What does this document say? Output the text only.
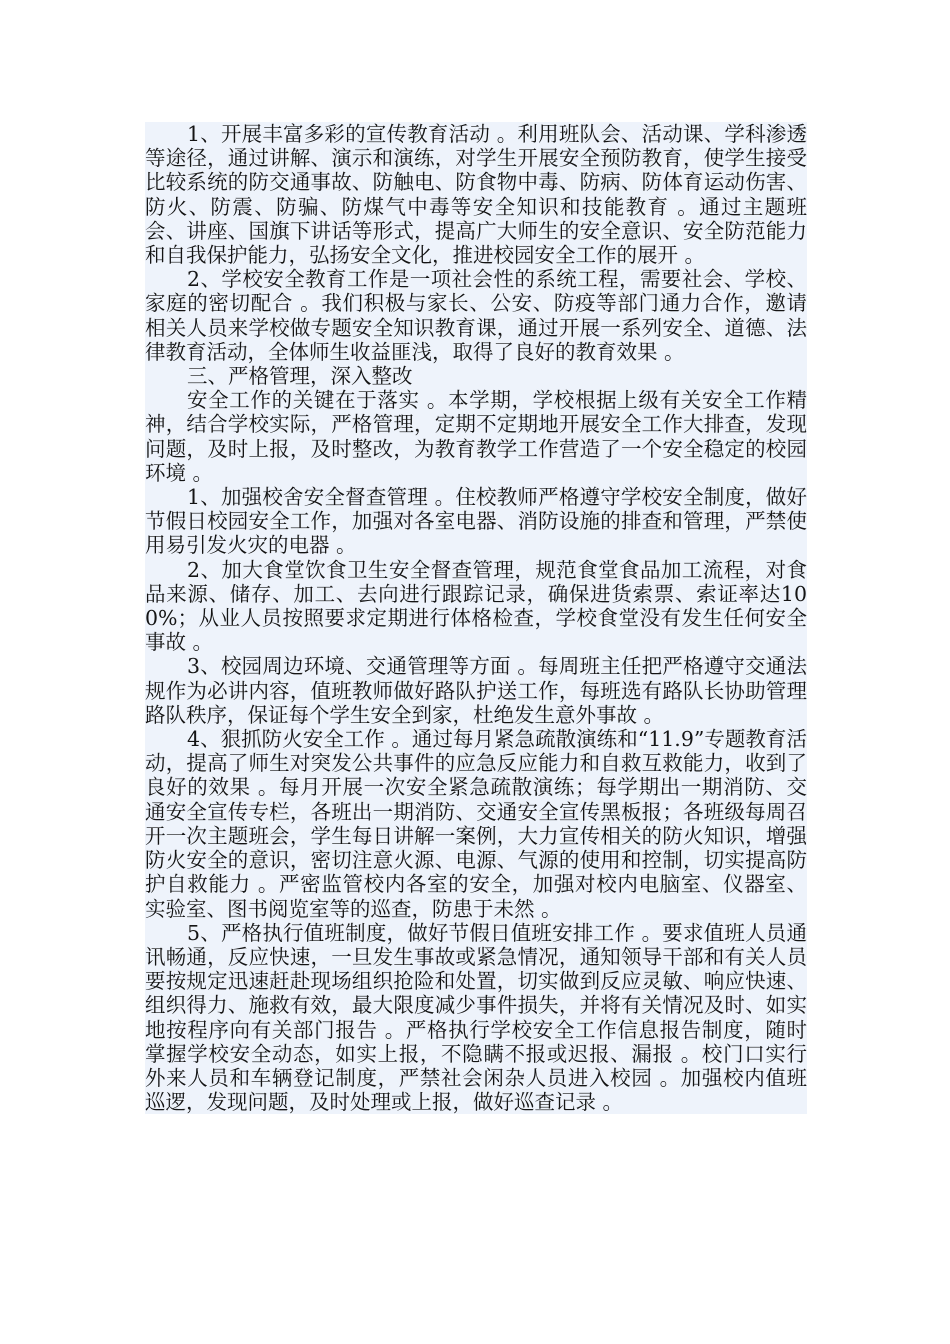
1、开展丰富多彩的宣传教育活动 。利用班队会、活动课、学科渗透等途径，通过讲解、演示和演练，对学生开展安全预防教育，使学生接受比较系统的防交通事故、防触电、防食物中毒、防病、防体育运动伤害、防火、防震、防骗、防煤气中毒等安全知识和技能教育 。通过主题班会、讲座、国旗下讲话等形式，提高广大师生的安全意识、安全防范能力和自我保护能力，弘扬安全文化，推进校园安全工作的展开 。

2、学校安全教育工作是一项社会性的系统工程，需要社会、学校、家庭的密切配合 。我们积极与家长、公安、防疫等部门通力合作，邀请相关人员来学校做专题安全知识教育课，通过开展一系列安全、道德、法律教育活动，全体师生收益匪浅，取得了良好的教育效果 。

三、严格管理，深入整改

安全工作的关键在于落实 。本学期，学校根据上级有关安全工作精神，结合学校实际，严格管理，定期不定期地开展安全工作大排查，发现问题，及时上报，及时整改，为教育教学工作营造了一个安全稳定的校园环境 。

1、加强校舍安全督查管理 。住校教师严格遵守学校安全制度，做好节假日校园安全工作，加强对各室电器、消防设施的排查和管理，严禁使用易引发火灾的电器 。

2、加大食堂饮食卫生安全督查管理，规范食堂食品加工流程，对食品来源、储存、加工、去向进行跟踪记录，确保进货索票、索证率达100%；从业人员按照要求定期进行体格检查，学校食堂没有发生任何安全事故 。

3、校园周边环境、交通管理等方面 。每周班主任把严格遵守交通法规作为必讲内容，值班教师做好路队护送工作，每班选有路队长协助管理路队秩序，保证每个学生安全到家，杜绝发生意外事故 。

4、狠抓防火安全工作 。通过每月紧急疏散演练和“11.9”专题教育活动，提高了师生对突发公共事件的应急反应能力和自救互救能力，收到了良好的效果 。每月开展一次安全紧急疏散演练；每学期出一期消防、交通安全宣传专栏，各班出一期消防、交通安全宣传黑板报；各班级每周召开一次主题班会，学生每日讲解一案例，大力宣传相关的防火知识，增强防火安全的意识，密切注意火源、电源、气源的使用和控制，切实提高防护自救能力 。严密监管校内各室的安全，加强对校内电脑室、仪器室、实验室、图书阅览室等的巡查，防患于未然 。

5、严格执行值班制度，做好节假日值班安排工作 。要求值班人员通讯畅通，反应快速，一旦发生事故或紧急情况，通知领导干部和有关人员要按规定迅速赶赴现场组织抢险和处置，切实做到反应灵敏、响应快速、组织得力、施救有效，最大限度减少事件损失，并将有关情况及时、如实地按程序向有关部门报告 。严格执行学校安全工作信息报告制度，随时掌握学校安全动态，如实上报，不隐瞒不报或迟报、漏报 。校门口实行外来人员和车辆登记制度，严禁社会闲杂人员进入校园 。加强校内值班巡逻，发现问题，及时处理或上报，做好巡查记录 。
